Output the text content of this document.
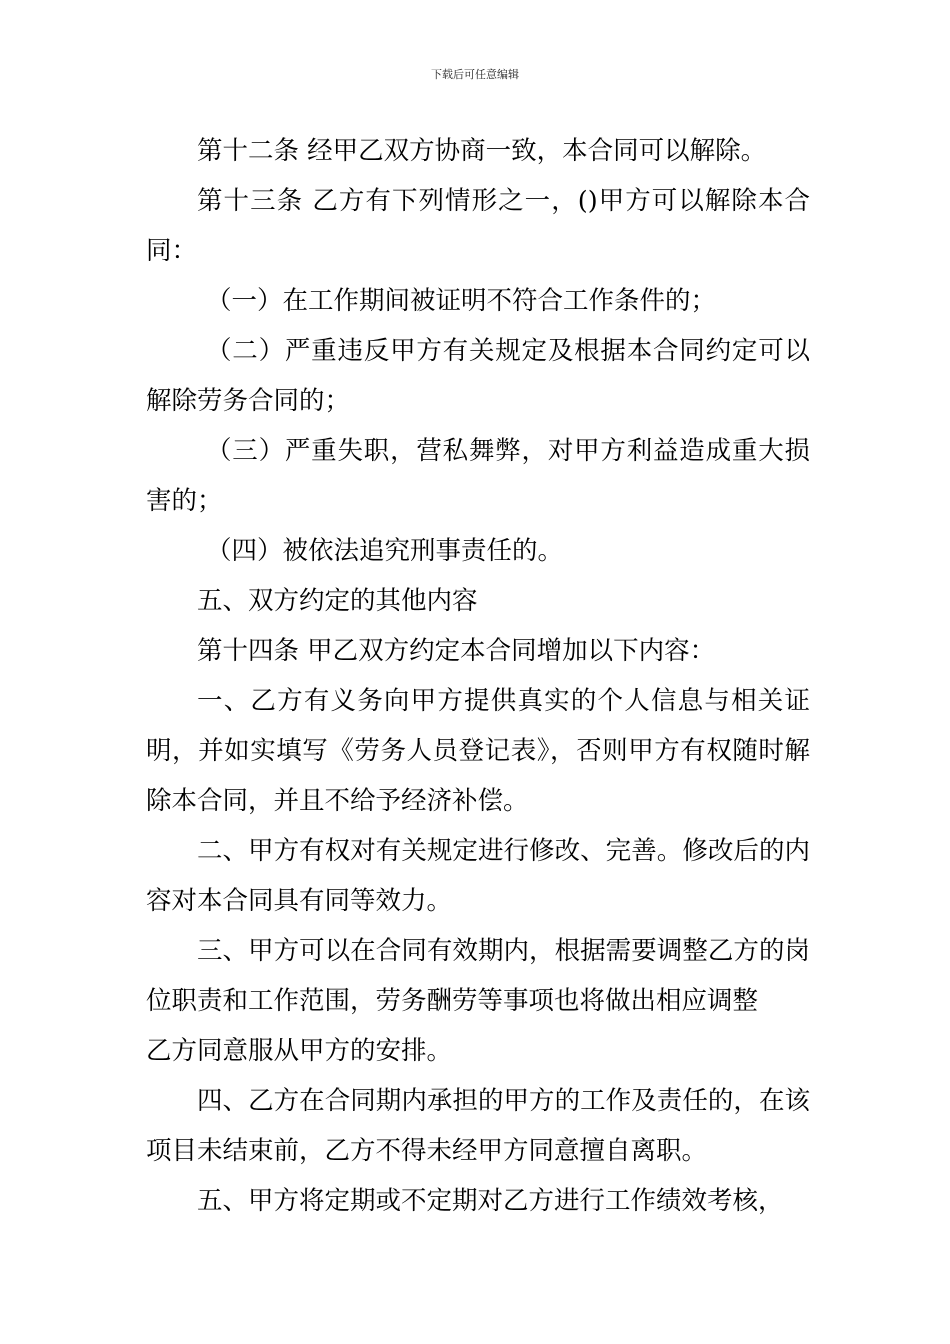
下载后可任意编辑

第十二条 经甲乙双方协商一致，本合同可以解除。

第十三条 乙方有下列情形之一，()甲方可以解除本合同：

（一）在工作期间被证明不符合工作条件的；

（二）严重违反甲方有关规定及根据本合同约定可以解除劳务合同的；

（三）严重失职，营私舞弊，对甲方利益造成重大损害的；

（四）被依法追究刑事责任的。

五、双方约定的其他内容

第十四条 甲乙双方约定本合同增加以下内容：

一、乙方有义务向甲方提供真实的个人信息与相关证明，并如实填写《劳务人员登记表》，否则甲方有权随时解除本合同，并且不给予经济补偿。

二、甲方有权对有关规定进行修改、完善。修改后的内容对本合同具有同等效力。

三、甲方可以在合同有效期内，根据需要调整乙方的岗位职责和工作范围，劳务酬劳等事项也将做出相应调整

乙方同意服从甲方的安排。

四、乙方在合同期内承担的甲方的工作及责任的，在该项目未结束前，乙方不得未经甲方同意擅自离职。

五、甲方将定期或不定期对乙方进行工作绩效考核，
